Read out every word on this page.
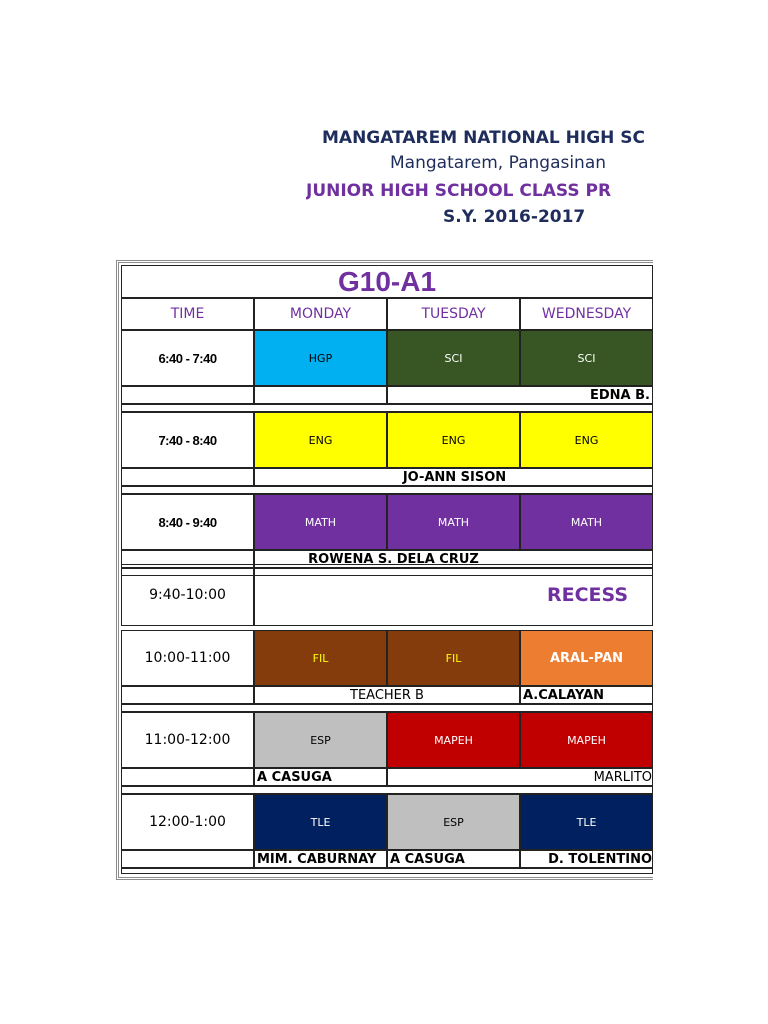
MANGATAREM NATIONAL HIGH SC
Mangatarem, Pangasinan
JUNIOR HIGH SCHOOL CLASS PR
S.Y. 2016-2017
G10-A1
TIME	MONDAY	TUESDAY	WEDNESDAY
6:40 - 7:40	HGP	SCI	SCI
EDNA B.
7:40 - 8:40	ENG	ENG	ENG
JO-ANN SISON
8:40 - 9:40	MATH	MATH	MATH
ROWENA S. DELA CRUZ
9:40-10:00	RECESS
10:00-11:00	FIL	FIL	ARAL-PAN
TEACHER B	A.CALAYAN
11:00-12:00	ESP	MAPEH	MAPEH
A CASUGA	MARLITO
12:00-1:00	TLE	ESP	TLE
MIM. CABURNAY	A CASUGA	D. TOLENTINO
